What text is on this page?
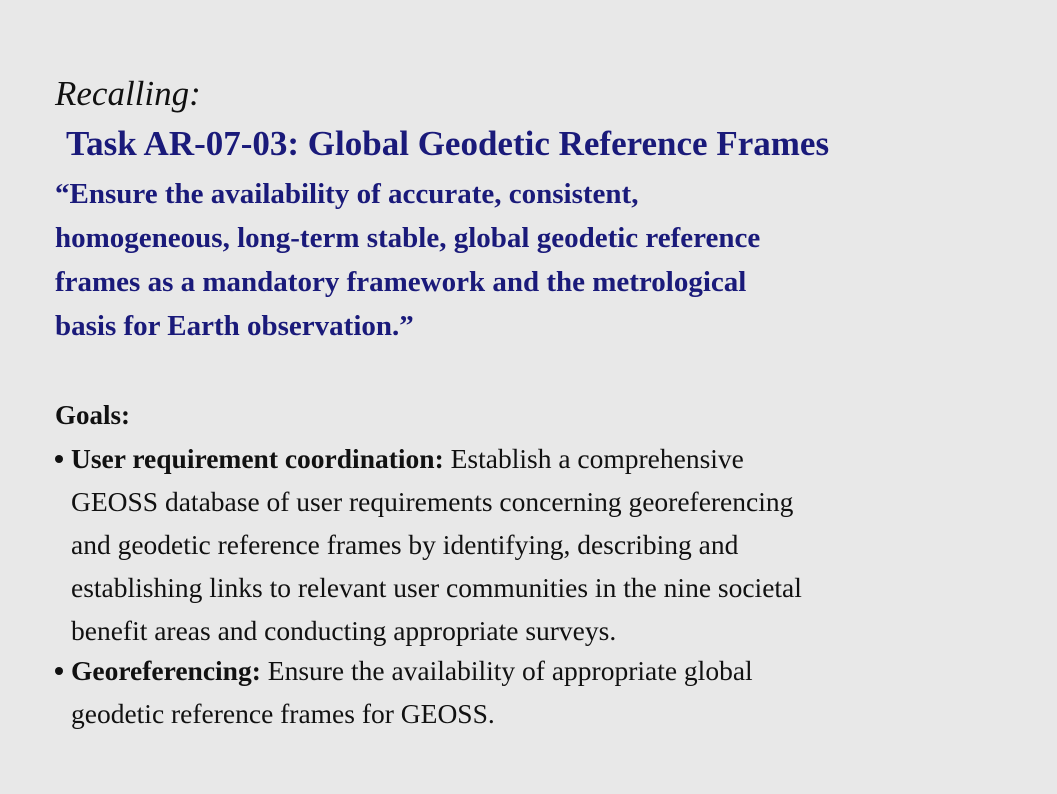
Recalling:
Task AR-07-03: Global Geodetic Reference Frames
“Ensure the availability of accurate, consistent,
homogeneous, long-term stable, global geodetic reference
frames as a mandatory framework and the metrological
basis for Earth observation.”
Goals:
User requirement coordination: Establish a comprehensive
GEOSS database of user requirements concerning georeferencing
and geodetic reference frames by identifying, describing and
establishing links to relevant user communities in the nine societal
benefit areas and conducting appropriate surveys.
Georeferencing: Ensure the availability of appropriate global
geodetic reference frames for GEOSS.
